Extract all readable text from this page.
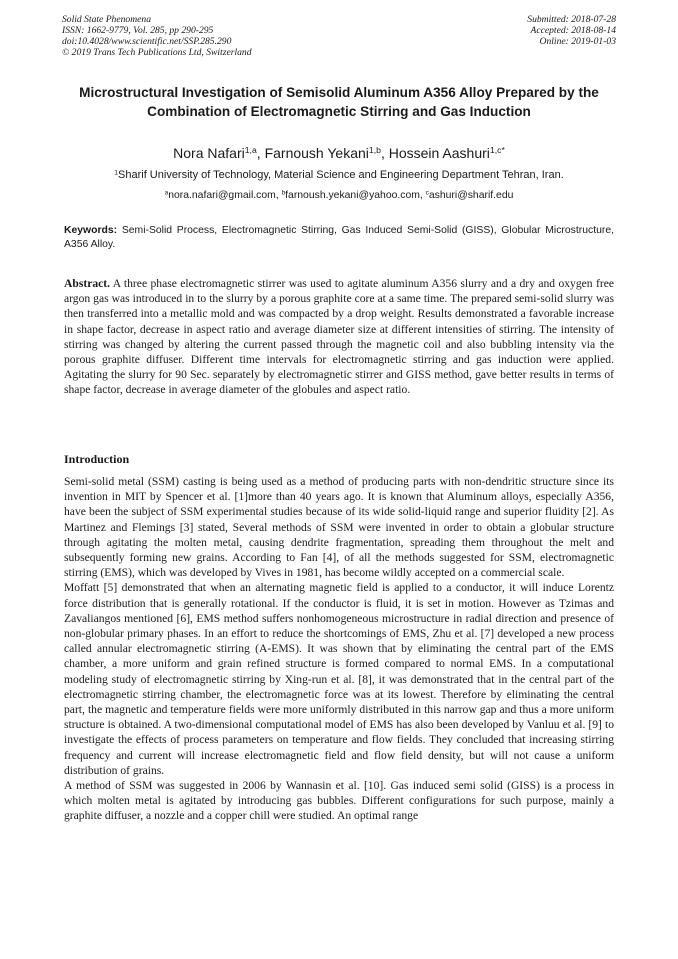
Solid State Phenomena
ISSN: 1662-9779, Vol. 285, pp 290-295
doi:10.4028/www.scientific.net/SSP.285.290
© 2019 Trans Tech Publications Ltd, Switzerland
Submitted: 2018-07-28
Accepted: 2018-08-14
Online: 2019-01-03
Microstructural Investigation of Semisolid Aluminum A356 Alloy Prepared by the Combination of Electromagnetic Stirring and Gas Induction
Nora Nafari$^{1,a}$, Farnoush Yekani$^{1,b}$, Hossein Aashuri$^{1,c*}$
$^1$Sharif University of Technology, Material Science and Engineering Department Tehran, Iran.
$^a$nora.nafari@gmail.com, $^b$farnoush.yekani@yahoo.com, $^c$ashuri@sharif.edu
Keywords: Semi-Solid Process, Electromagnetic Stirring, Gas Induced Semi-Solid (GISS), Globular Microstructure, A356 Alloy.
Abstract. A three phase electromagnetic stirrer was used to agitate aluminum A356 slurry and a dry and oxygen free argon gas was introduced in to the slurry by a porous graphite core at a same time. The prepared semi-solid slurry was then transferred into a metallic mold and was compacted by a drop weight. Results demonstrated a favorable increase in shape factor, decrease in aspect ratio and average diameter size at different intensities of stirring. The intensity of stirring was changed by altering the current passed through the magnetic coil and also bubbling intensity via the porous graphite diffuser. Different time intervals for electromagnetic stirring and gas induction were applied. Agitating the slurry for 90 Sec. separately by electromagnetic stirrer and GISS method, gave better results in terms of shape factor, decrease in average diameter of the globules and aspect ratio.
Introduction

Semi-solid metal (SSM) casting is being used as a method of producing parts with non-dendritic structure since its invention in MIT by Spencer et al. [1]more than 40 years ago. It is known that Aluminum alloys, especially A356, have been the subject of SSM experimental studies because of its wide solid-liquid range and superior fluidity [2]. As Martinez and Flemings [3] stated, Several methods of SSM were invented in order to obtain a globular structure through agitating the molten metal, causing dendrite fragmentation, spreading them throughout the melt and subsequently forming new grains. According to Fan [4], of all the methods suggested for SSM, electromagnetic stirring (EMS), which was developed by Vives in 1981, has become wildly accepted on a commercial scale.

Moffatt [5] demonstrated that when an alternating magnetic field is applied to a conductor, it will induce Lorentz force distribution that is generally rotational. If the conductor is fluid, it is set in motion. However as Tzimas and Zavaliangos mentioned [6], EMS method suffers nonhomogeneous microstructure in radial direction and presence of non-globular primary phases. In an effort to reduce the shortcomings of EMS, Zhu et al. [7] developed a new process called annular electromagnetic stirring (A-EMS). It was shown that by eliminating the central part of the EMS chamber, a more uniform and grain refined structure is formed compared to normal EMS. In a computational modeling study of electromagnetic stirring by Xing-run et al. [8], it was demonstrated that in the central part of the electromagnetic stirring chamber, the electromagnetic force was at its lowest. Therefore by eliminating the central part, the magnetic and temperature fields were more uniformly distributed in this narrow gap and thus a more uniform structure is obtained. A two-dimensional computational model of EMS has also been developed by Vanluu et al. [9] to investigate the effects of process parameters on temperature and flow fields. They concluded that increasing stirring frequency and current will increase electromagnetic field and flow field density, but will not cause a uniform distribution of grains.

A method of SSM was suggested in 2006 by Wannasin et al. [10]. Gas induced semi solid (GISS) is a process in which molten metal is agitated by introducing gas bubbles. Different configurations for such purpose, mainly a graphite diffuser, a nozzle and a copper chill were studied. An optimal range
